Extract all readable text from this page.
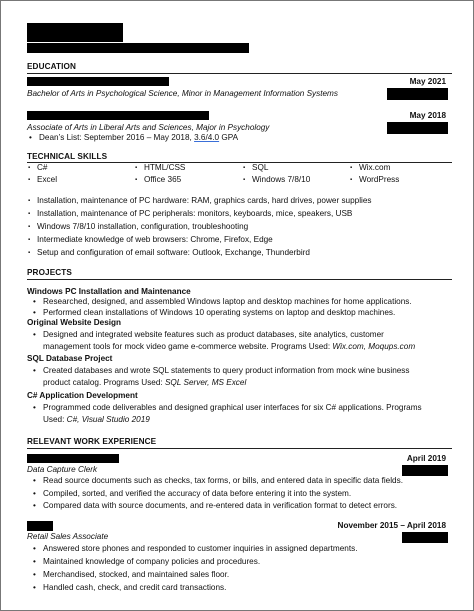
EDUCATION
May 2021
Bachelor of Arts in Psychological Science, Minor in Management Information Systems
May 2018
Associate of Arts in Liberal Arts and Sciences, Major in Psychology
• Dean’s List: September 2016 – May 2018, 3.6/4.0 GPA
TECHNICAL SKILLS
▪ C#	▪ HTML/CSS	▪ SQL	▪ Wix.com
▪ Excel	▪ Office 365	▪ Windows 7/8/10	▪ WordPress
▪ Installation, maintenance of PC hardware: RAM, graphics cards, hard drives, power supplies
▪ Installation, maintenance of PC peripherals: monitors, keyboards, mice, speakers, USB
▪ Windows 7/8/10 installation, configuration, troubleshooting
▪ Intermediate knowledge of web browsers: Chrome, Firefox, Edge
▪ Setup and configuration of email software: Outlook, Exchange, Thunderbird
PROJECTS
Windows PC Installation and Maintenance
• Researched, designed, and assembled Windows laptop and desktop machines for home applications.
• Performed clean installations of Windows 10 operating systems on laptop and desktop machines.
Original Website Design
• Designed and integrated website features such as product databases, site analytics, customer
management tools for mock video game e-commerce website. Programs Used: Wix.com, Moqups.com
SQL Database Project
• Created databases and wrote SQL statements to query product information from mock wine business
product catalog. Programs Used: SQL Server, MS Excel
C# Application Development
• Programmed code deliverables and designed graphical user interfaces for six C# applications. Programs
Used: C#, Visual Studio 2019
RELEVANT WORK EXPERIENCE
April 2019
Data Capture Clerk
• Read source documents such as checks, tax forms, or bills, and entered data in specific data fields.
• Compiled, sorted, and verified the accuracy of data before entering it into the system.
• Compared data with source documents, and re-entered data in verification format to detect errors.
November 2015 – April 2018
Retail Sales Associate
• Answered store phones and responded to customer inquiries in assigned departments.
• Maintained knowledge of company policies and procedures.
• Merchandised, stocked, and maintained sales floor.
• Handled cash, check, and credit card transactions.
